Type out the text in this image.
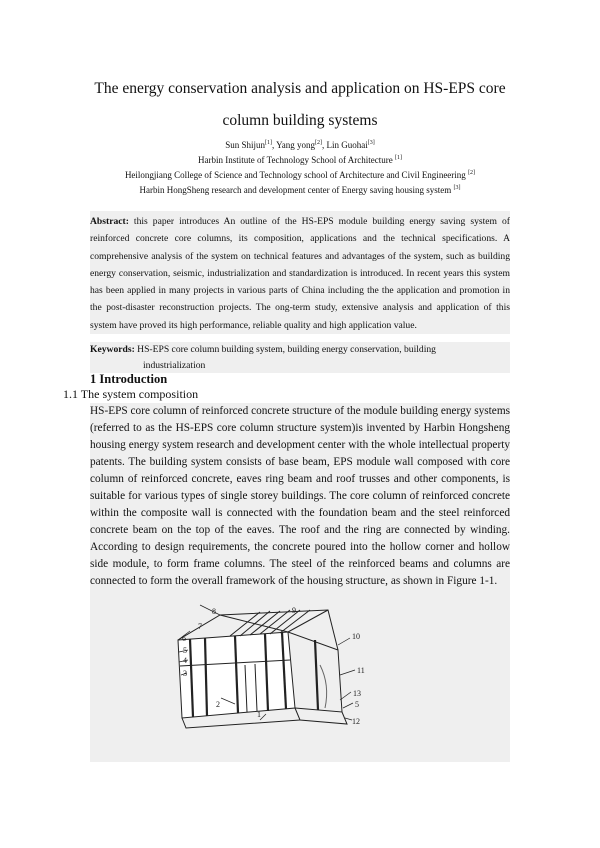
The energy conservation analysis and application on HS-EPS core
column building systems
Sun Shijun[1], Yang yong[2], Lin Guohai[3]
Harbin Institute of Technology School of Architecture [1]
Heilongjiang College of Science and Technology school of Architecture and Civil Engineering [2]
Harbin HongSheng research and development center of Energy saving housing system [3]
Abstract: this paper introduces An outline of the HS-EPS module building energy saving system of reinforced concrete core columns, its composition, applications and the technical specifications. A comprehensive analysis of the system on technical features and advantages of the system, such as building energy conservation, seismic, industrialization and standardization is introduced. In recent years this system has been applied in many projects in various parts of China including the the application and promotion in the post-disaster reconstruction projects. The ong-term study, extensive analysis and application of this system have proved its high performance, reliable quality and high application value.
Keywords: HS-EPS core column building system, building energy conservation, building
industrialization
1 Introduction
1.1 The system composition
HS-EPS core column of reinforced concrete structure of the module building energy systems (referred to as the HS-EPS core column structure system)is invented by Harbin Hongsheng housing energy system research and development center with the whole intellectual property patents. The building system consists of base beam, EPS module wall composed with core column of reinforced concrete, eaves ring beam and roof trusses and other components, is suitable for various types of single storey buildings. The core column of reinforced concrete within the composite wall is connected with the foundation beam and the steel reinforced concrete beam on the top of the eaves. The roof and the ring are connected by winding. According to design requirements, the concrete poured into the hollow corner and hollow side module, to form frame columns. The steel of the reinforced beams and columns are connected to form the overall framework of the housing structure, as shown in Figure 1-1.
8	9
7
10
6
5
4
3	11
2
1
13
5
12
